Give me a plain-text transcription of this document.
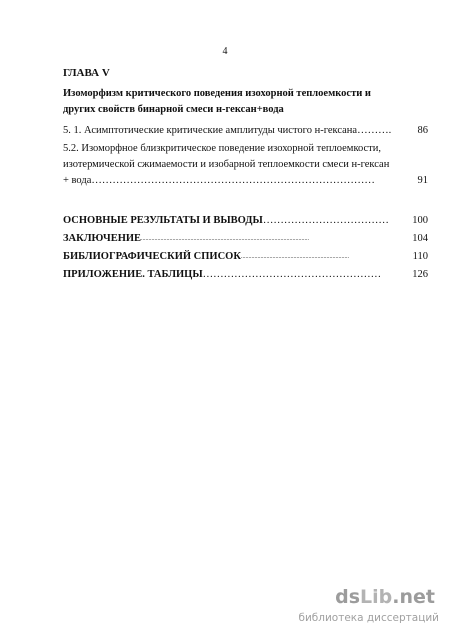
4
ГЛАВА V
Изоморфизм критического поведения изохорной теплоемкости и
других свойств бинарной смеси н-гексан+вода
5. 1. Асимптотические критические амплитуды чистого н-гексана……….	86
5.2. Изоморфное близкритическое поведение изохорной теплоемкости,
изотермической сжимаемости и изобарной теплоемкости смеси н-гексан
+ вода………………………………………………………………………	91
ОСНОВНЫЕ РЕЗУЛЬТАТЫ И ВЫВОДЫ……………………………… 100
ЗАКЛЮЧЕНИЕ................................................................................................................	104
БИБЛИОГРАФИЧЕСКИЙ СПИСОК........................................................................	110
ПРИЛОЖЕНИЕ. ТАБЛИЦЫ……………………………………………	126
dsLib.net
библиотека диссертаций
